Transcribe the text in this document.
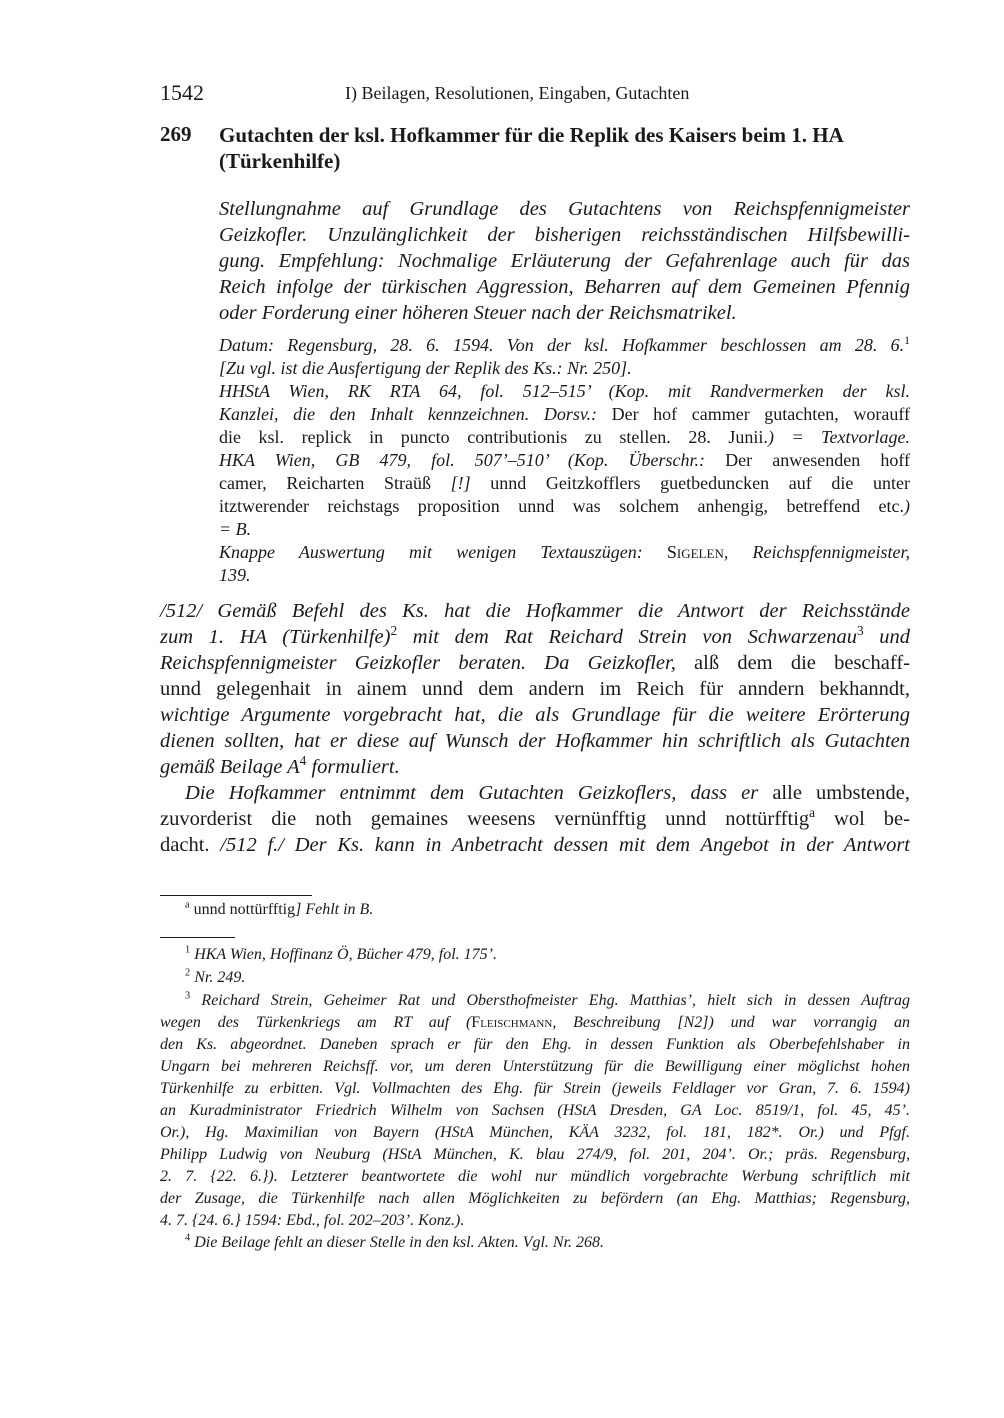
1542	I) Beilagen, Resolutionen, Eingaben, Gutachten
269 Gutachten der ksl. Hofkammer für die Replik des Kaisers beim 1. HA (Türkenhilfe)
Stellungnahme auf Grundlage des Gutachtens von Reichspfennigmeister
Geizkofler. Unzulänglichkeit der bisherigen reichsständischen Hilfsbewilli-
gung. Empfehlung: Nochmalige Erläuterung der Gefahrenlage auch für das
Reich infolge der türkischen Aggression, Beharren auf dem Gemeinen Pfennig
oder Forderung einer höheren Steuer nach der Reichsmatrikel.
Datum: Regensburg, 28. 6. 1594. Von der ksl. Hofkammer beschlossen am 28. 6.$^1$
[Zu vgl. ist die Ausfertigung der Replik des Ks.: Nr. 250].
HHStA Wien, RK RTA 64, fol. 512–515’ (Kop. mit Randvermerken der ksl.
Kanzlei, die den Inhalt kennzeichnen. Dorsv.: Der hof cammer gutachten, worauff
die ksl. replick in puncto contributionis zu stellen. 28. Junii.) = Textvorlage.
HKA Wien, GB 479, fol. 507’–510’ (Kop. Überschr.: Der anwesenden hoff
camer, Reicharten Straüß [!] unnd Geitzkofflers guetbeduncken auf die unter
itztwerender reichstags proposition unnd was solchem anhengig, betreffend etc.)
= B.
Knappe Auswertung mit wenigen Textauszügen: Sigelen, Reichspfennigmeister,
139.
/512/ Gemäß Befehl des Ks. hat die Hofkammer die Antwort der Reichsstände
zum 1. HA (Türkenhilfe)$^2$ mit dem Rat Reichard Strein von Schwarzenau$^3$ und
Reichspfennigmeister Geizkofler beraten. Da Geizkofler, alß dem die beschaff-
unnd gelegenhait in ainem unnd dem andern im Reich für anndern bekhanndt,
wichtige Argumente vorgebracht hat, die als Grundlage für die weitere Erörterung
dienen sollten, hat er diese auf Wunsch der Hofkammer hin schriftlich als Gutachten
gemäß Beilage $A^4$ formuliert.
Die Hofkammer entnimmt dem Gutachten Geizkoflers, dass er alle umbstende,
zuvorderist die noth gemaines weesens vernünfftig unnd nottürfftig$^a$ wol be-
dacht. /512 f./ Der Ks. kann in Anbetracht dessen mit dem Angebot in der Antwort
$^a$ unnd nottürfftig] Fehlt in B.
$^1$ HKA Wien, Hoffinanz Ö, Bücher 479, fol. 175’.
$^2$ Nr. 249.
$^3$ Reichard Strein, Geheimer Rat und Obersthofmeister Ehg. Matthias’, hielt sich in dessen Auftrag
wegen des Türkenkriegs am RT auf (Fleischmann, Beschreibung [N2]) und war vorrangig an
den Ks. abgeordnet. Daneben sprach er für den Ehg. in dessen Funktion als Oberbefehlshaber in
Ungarn bei mehreren Reichsff. vor, um deren Unterstützung für die Bewilligung einer möglichst hohen
Türkenhilfe zu erbitten. Vgl. Vollmachten des Ehg. für Strein (jeweils Feldlager vor Gran, 7. 6. 1594)
an Kuradministrator Friedrich Wilhelm von Sachsen (HStA Dresden, GA Loc. 8519/1, fol. 45, 45’.
Or.), Hg. Maximilian von Bayern (HStA München, KÄA 3232, fol. 181, 182*. Or.) und Pfgf.
Philipp Ludwig von Neuburg (HStA München, K. blau 274/9, fol. 201, 204’. Or.; präs. Regensburg,
2. 7. {22. 6.}). Letzterer beantwortete die wohl nur mündlich vorgebrachte Werbung schriftlich mit
der Zusage, die Türkenhilfe nach allen Möglichkeiten zu befördern (an Ehg. Matthias; Regensburg,
4. 7. {24. 6.} 1594: Ebd., fol. 202–203’. Konz.).
$^4$ Die Beilage fehlt an dieser Stelle in den ksl. Akten. Vgl. Nr. 268.
